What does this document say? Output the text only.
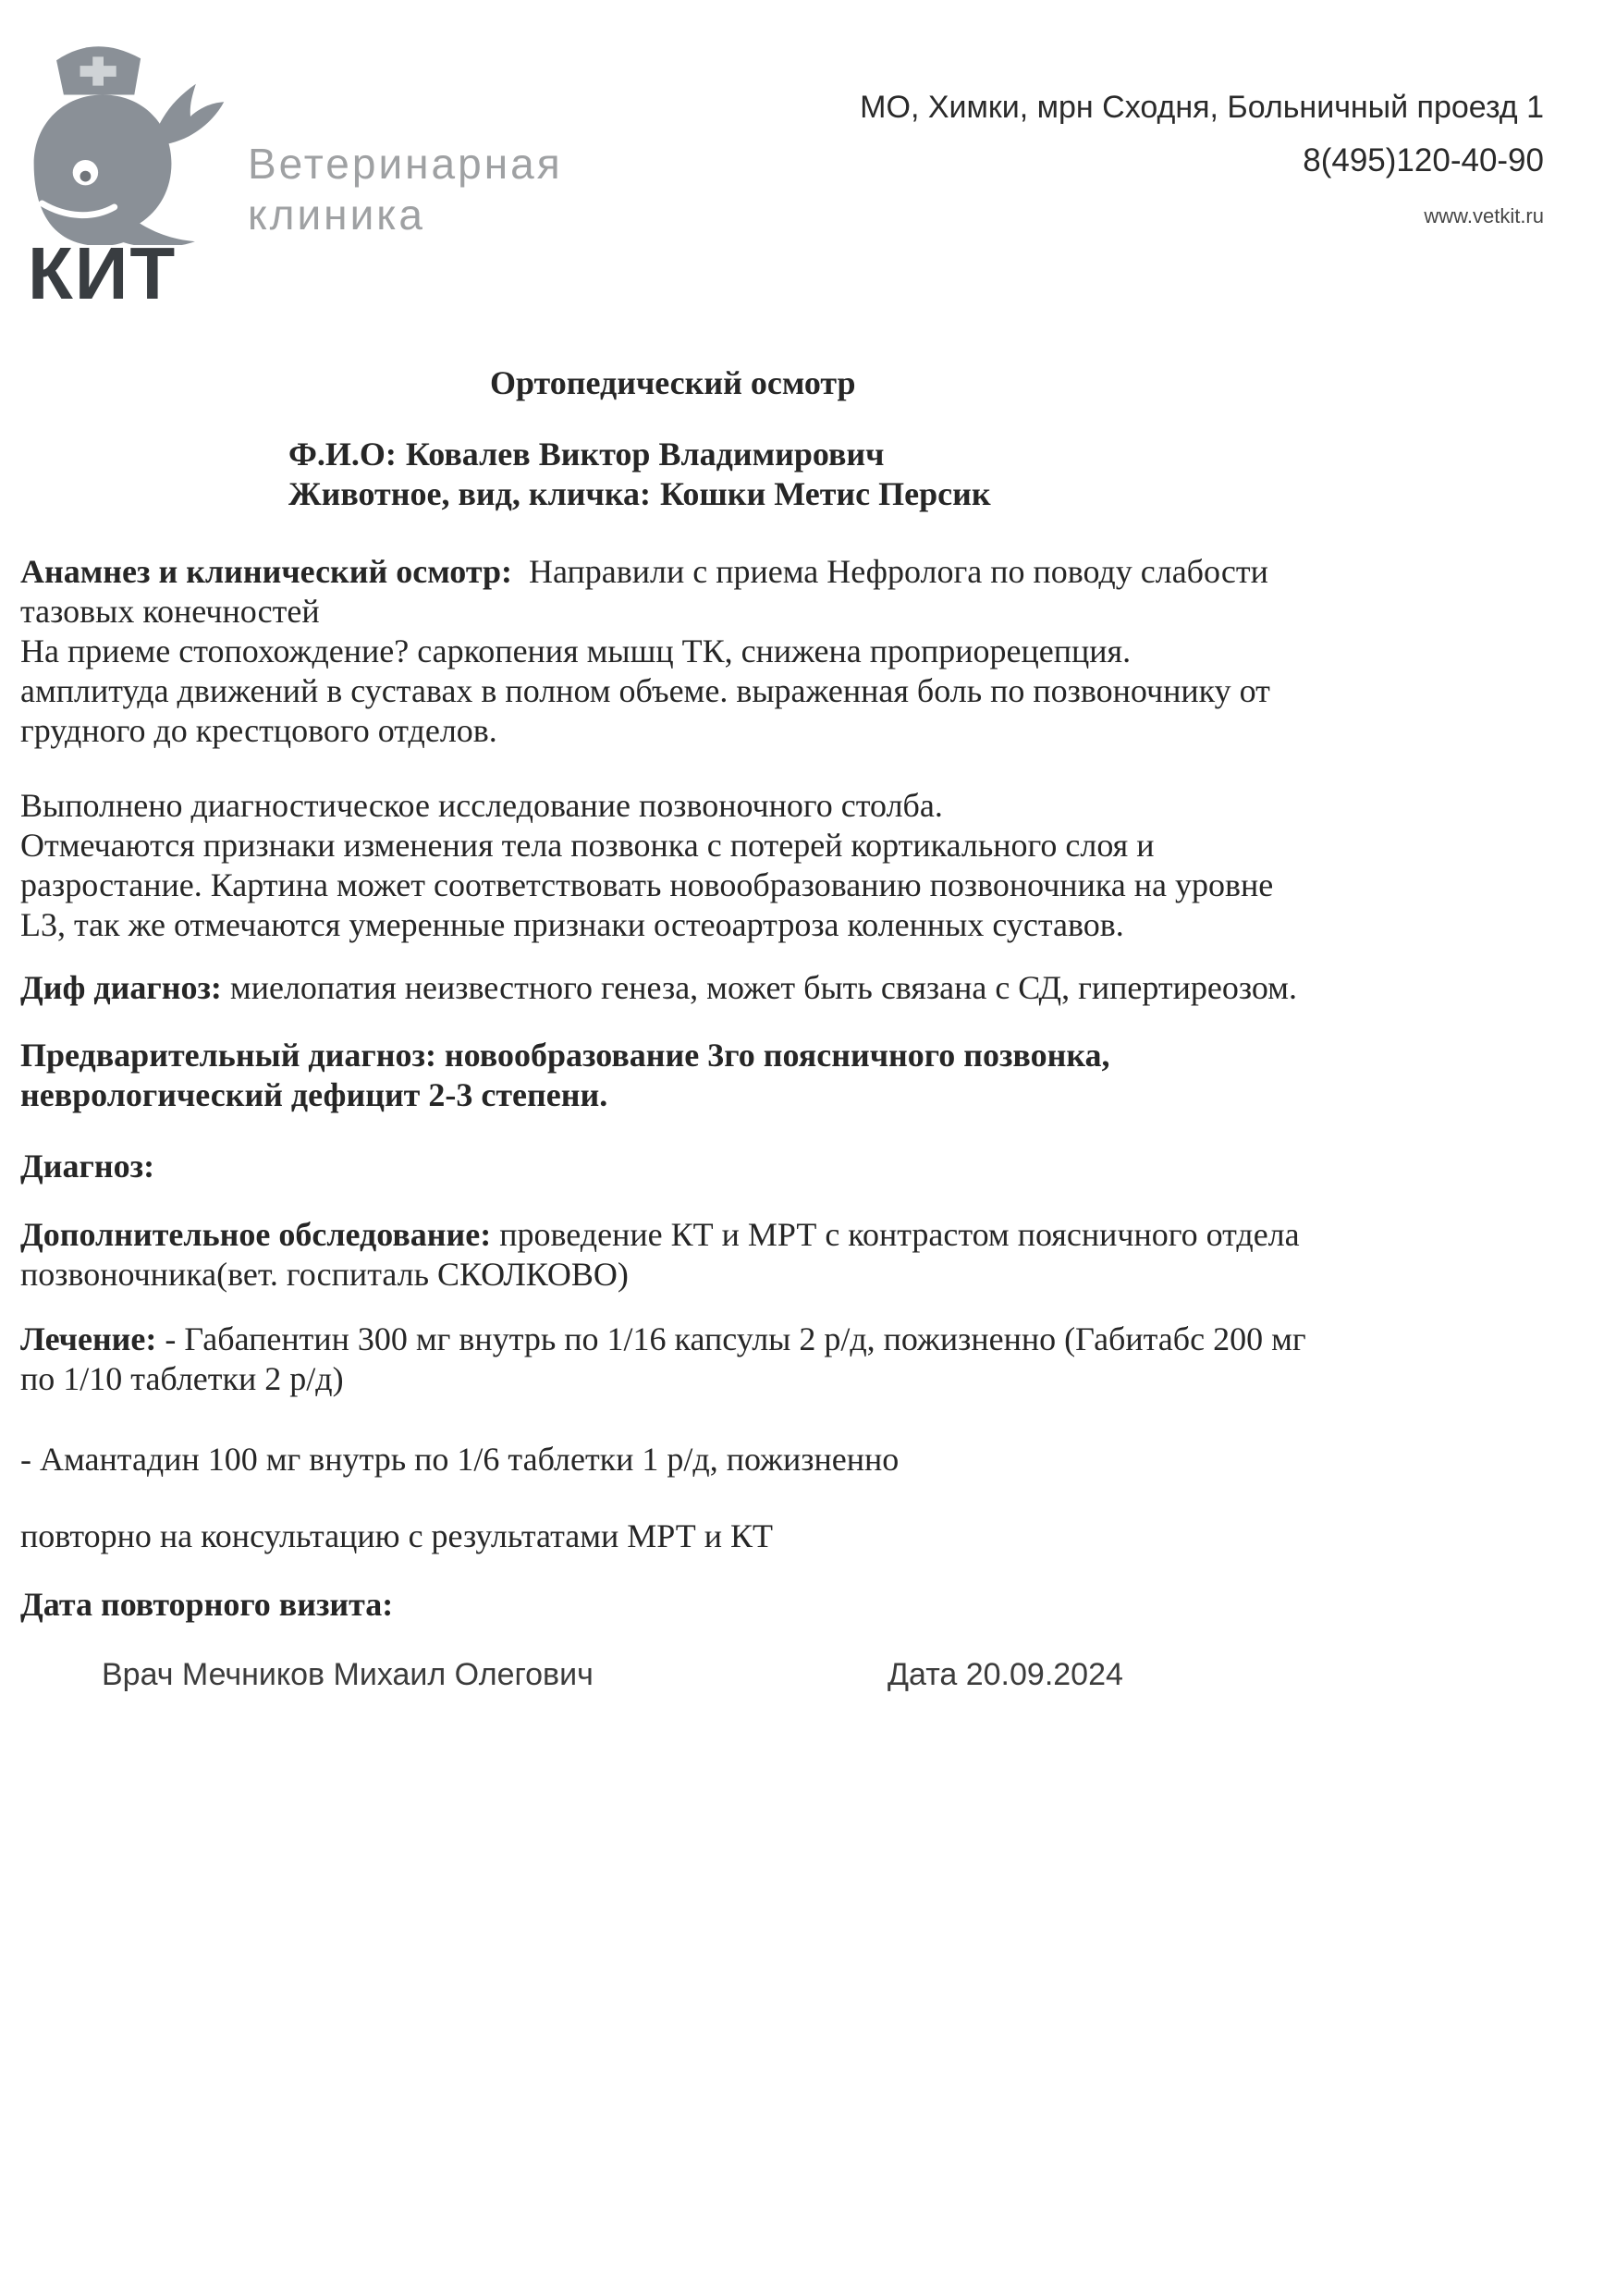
Ветеринарная
клиника
КИТ
МО, Химки, мрн Сходня, Больничный проезд 1
8(495)120-40-90
www.vetkit.ru
Ортопедический осмотр
Ф.И.О: Ковалев Виктор Владимирович
Животное, вид, кличка: Кошки Метис Персик
Анамнез и клинический осмотр:  Направили с приема Нефролога по поводу слабости
тазовых конечностей
На приеме стопохождение? саркопения мышц ТК, снижена проприорецепция.
амплитуда движений в суставах в полном объеме. выраженная боль по позвоночнику от
грудного до крестцового отделов.
Выполнено диагностическое исследование позвоночного столба.
Отмечаются признаки изменения тела позвонка с потерей кортикального слоя и
разростание. Картина может соответствовать новообразованию позвоночника на уровне
L3, так же отмечаются умеренные признаки остеоартроза коленных суставов.
Диф диагноз: миелопатия неизвестного генеза, может быть связана с СД, гипертиреозом.
Предварительный диагноз: новообразование 3го поясничного позвонка,
неврологический дефицит 2-3 степени.
Диагноз:
Дополнительное обследование: проведение КТ и МРТ с контрастом поясничного отдела
позвоночника(вет. госпиталь СКОЛКОВО)
Лечение: - Габапентин 300 мг внутрь по 1/16 капсулы 2 р/д, пожизненно (Габитабс 200 мг
по 1/10 таблетки 2 р/д)
- Амантадин 100 мг внутрь по 1/6 таблетки 1 р/д, пожизненно
повторно на консультацию с результатами МРТ и КТ
Дата повторного визита:
Врач Мечников Михаил Олегович	Дата 20.09.2024
